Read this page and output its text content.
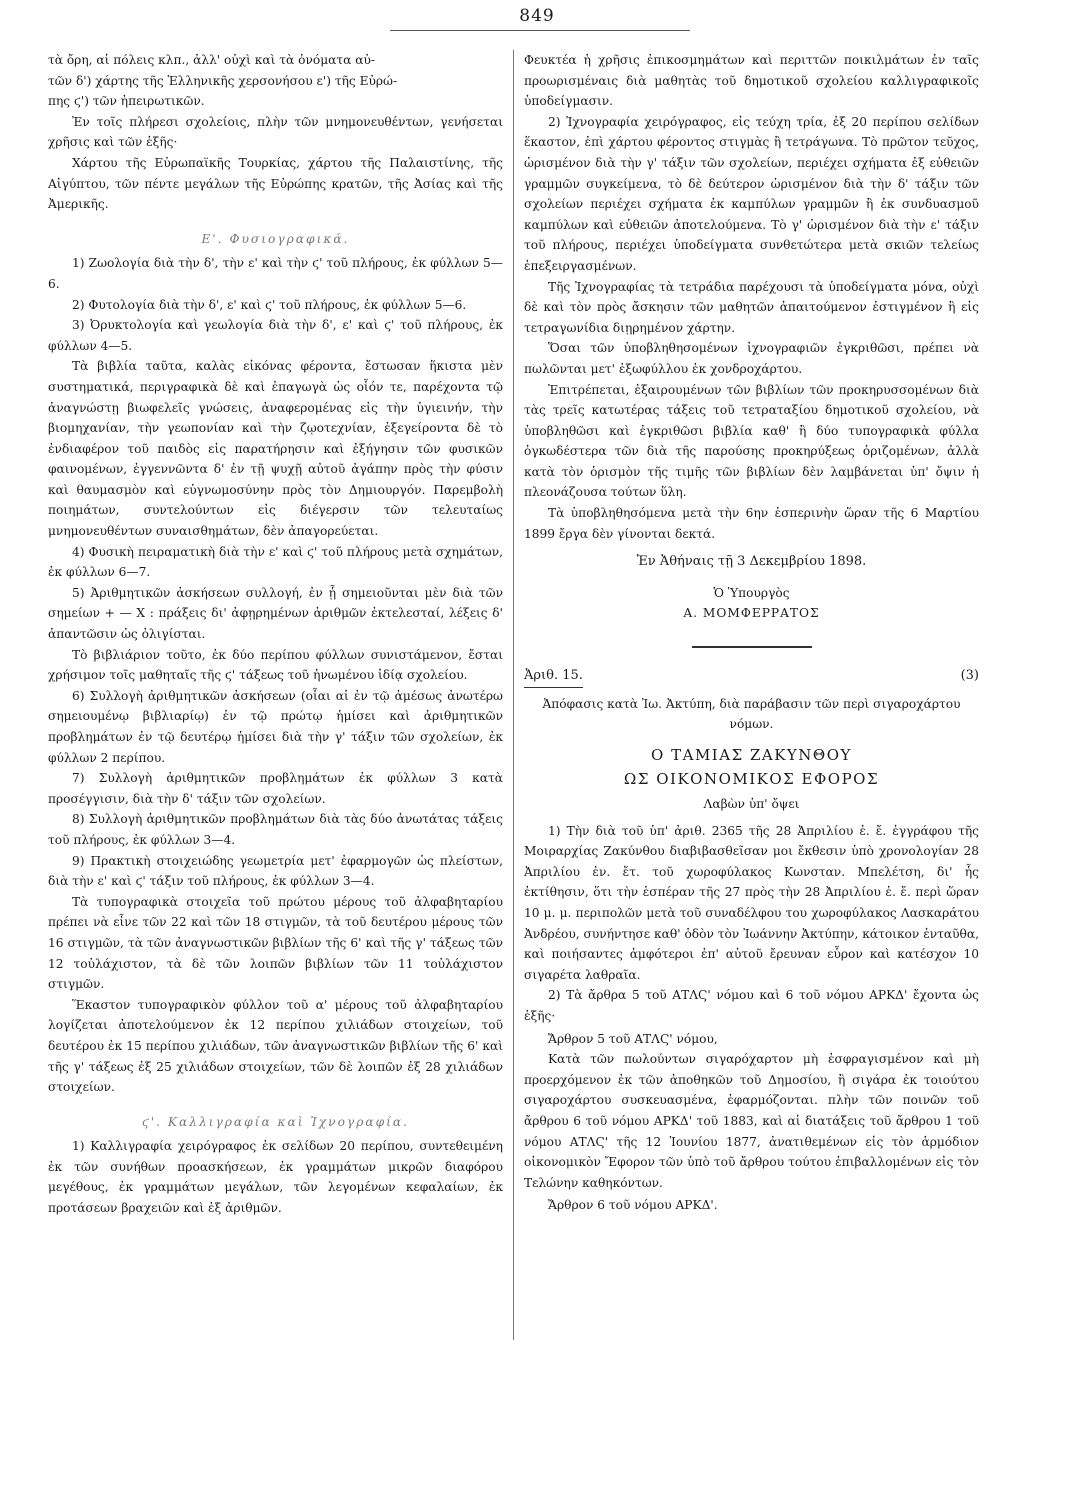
849

τὰ ὄρη, αἱ πόλεις κλπ., ἀλλ' οὐχὶ καὶ τὰ ὀνόματα αὐ-

τῶν δ') χάρτης τῆς Ἑλληνικῆς χερσονήσου ε') τῆς Εὐρώ-

πης ϛ') τῶν ἠπειρωτικῶν.

Ἐν τοῖς πλήρεσι σχολείοις, πλὴν τῶν μνημονευθέντων, γενήσεται χρῆσις καὶ τῶν ἑξῆς·

Χάρτου τῆς Εὐρωπαϊκῆς Τουρκίας, χάρτου τῆς Παλαιστίνης, τῆς Αἰγύπτου, τῶν πέντε μεγάλων τῆς Εὐρώπης κρατῶν, τῆς Ἀσίας καὶ τῆς Ἀμερικῆς.

Ε'. Φυσιογραφικά.

1) Ζωολογία διὰ τὴν δ', τὴν ε' καὶ τὴν ϛ' τοῦ πλήρους, ἐκ φύλλων 5—6.

2) Φυτολογία διὰ τὴν δ', ε' καὶ ϛ' τοῦ πλήρους, ἐκ φύλλων 5—6.

3) Ὀρυκτολογία καὶ γεωλογία διὰ τὴν δ', ε' καὶ ϛ' τοῦ πλήρους, ἐκ φύλλων 4—5.

Τὰ βιβλία ταῦτα, καλὰς εἰκόνας φέροντα, ἔστωσαν ἥκιστα μὲν συστηματικά, περιγραφικὰ δὲ καὶ ἐπαγωγὰ ὡς οἷόν τε, παρέχοντα τῷ ἀναγνώστῃ βιωφελεῖς γνώσεις, ἀναφερομένας εἰς τὴν ὑγιεινήν, τὴν βιομηχανίαν, τὴν γεωπονίαν καὶ τὴν ζῳοτεχνίαν, ἐξεγείροντα δὲ τὸ ἐνδιαφέρον τοῦ παιδὸς εἰς παρατήρησιν καὶ ἐξήγησιν τῶν φυσικῶν φαινομένων, ἐγγεννῶντα δ' ἐν τῇ ψυχῇ αὐτοῦ ἀγάπην πρὸς τὴν φύσιν καὶ θαυμασμὸν καὶ εὐγνωμοσύνην πρὸς τὸν Δημιουργόν. Παρεμβολὴ ποιημάτων, συντελούντων εἰς διέγερσιν τῶν τελευταίως μνημονευθέντων συναισθημάτων, δὲν ἀπαγορεύεται.

4) Φυσικὴ πειραματικὴ διὰ τὴν ε' καὶ ϛ' τοῦ πλήρους μετὰ σχημάτων, ἐκ φύλλων 6—7.

5) Ἀριθμητικῶν ἀσκήσεων συλλογή, ἐν ᾗ σημειοῦνται μὲν διὰ τῶν σημείων + — Χ : πράξεις δι' ἀφῃρημένων ἀριθμῶν ἐκτελεσταί, λέξεις δ' ἀπαντῶσιν ὡς ὀλιγίσται.

Τὸ βιβλιάριον τοῦτο, ἐκ δύο περίπου φύλλων συνιστάμενον, ἔσται χρήσιμον τοῖς μαθηταῖς τῆς ϛ' τάξεως τοῦ ἡνωμένου ἰδίᾳ σχολείου.

6) Συλλογὴ ἀριθμητικῶν ἀσκήσεων (οἷαι αἱ ἐν τῷ ἀμέσως ἀνωτέρω σημειουμένῳ βιβλιαρίῳ) ἐν τῷ πρώτῳ ἡμίσει καὶ ἀριθμητικῶν προβλημάτων ἐν τῷ δευτέρῳ ἡμίσει διὰ τὴν γ' τάξιν τῶν σχολείων, ἐκ φύλλων 2 περίπου.

7) Συλλογὴ ἀριθμητικῶν προβλημάτων ἐκ φύλλων 3 κατὰ προσέγγισιν, διὰ τὴν δ' τάξιν τῶν σχολείων.

8) Συλλογὴ ἀριθμητικῶν προβλημάτων διὰ τὰς δύο ἀνωτάτας τάξεις τοῦ πλήρους, ἐκ φύλλων 3—4.

9) Πρακτικὴ στοιχειώδης γεωμετρία μετ' ἐφαρμογῶν ὡς πλείστων, διὰ τὴν ε' καὶ ϛ' τάξιν τοῦ πλήρους, ἐκ φύλλων 3—4.

Τὰ τυπογραφικὰ στοιχεῖα τοῦ πρώτου μέρους τοῦ ἀλφαβηταρίου πρέπει νὰ εἶνε τῶν 22 καὶ τῶν 18 στιγμῶν, τὰ τοῦ δευτέρου μέρους τῶν 16 στιγμῶν, τὰ τῶν ἀναγνωστικῶν βιβλίων τῆς 6' καὶ τῆς γ' τάξεως τῶν 12 τοὐλάχιστον, τὰ δὲ τῶν λοιπῶν βιβλίων τῶν 11 τοὐλάχιστον στιγμῶν.

Ἕκαστον τυπογραφικὸν φύλλον τοῦ α' μέρους τοῦ ἀλφαβηταρίου λογίζεται ἀποτελούμενον ἐκ 12 περίπου χιλιάδων στοιχείων, τοῦ δευτέρου ἐκ 15 περίπου χιλιάδων, τῶν ἀναγνωστικῶν βιβλίων τῆς 6' καὶ τῆς γ' τάξεως ἐξ 25 χιλιάδων στοιχείων, τῶν δὲ λοιπῶν ἐξ 28 χιλιάδων στοιχείων.

ϛ'. Καλλιγραφία καὶ Ἰχνογραφία.

1) Καλλιγραφία χειρόγραφος ἐκ σελίδων 20 περίπου, συντεθειμένη ἐκ τῶν συνήθων προασκήσεων, ἐκ γραμμάτων μικρῶν διαφόρου μεγέθους, ἐκ γραμμάτων μεγάλων, τῶν λεγομένων κεφαλαίων, ἐκ προτάσεων βραχειῶν καὶ ἐξ ἀριθμῶν.

Φευκτέα ἡ χρῆσις ἐπικοσμημάτων καὶ περιττῶν ποικιλμάτων ἐν ταῖς προωρισμέναις διὰ μαθητὰς τοῦ δημοτικοῦ σχολείου καλλιγραφικοῖς ὑποδείγμασιν.

2) Ἰχνογραφία χειρόγραφος, εἰς τεύχη τρία, ἐξ 20 περίπου σελίδων ἕκαστον, ἐπὶ χάρτου φέροντος στιγμὰς ἢ τετράγωνα. Τὸ πρῶτον τεῦχος, ὡρισμένον διὰ τὴν γ' τάξιν τῶν σχολείων, περιέχει σχήματα ἐξ εὐθειῶν γραμμῶν συγκείμενα, τὸ δὲ δεύτερον ὡρισμένον διὰ τὴν δ' τάξιν τῶν σχολείων περιέχει σχήματα ἐκ καμπύλων γραμμῶν ἢ ἐκ συνδυασμοῦ καμπύλων καὶ εὐθειῶν ἀποτελούμενα. Τὸ γ' ὡρισμένον διὰ τὴν ε' τάξιν τοῦ πλήρους, περιέχει ὑποδείγματα συνθετώτερα μετὰ σκιῶν τελείως ἐπεξειργασμένων.

Τῆς Ἰχνογραφίας τὰ τετράδια παρέχουσι τὰ ὑποδείγματα μόνα, οὐχὶ δὲ καὶ τὸν πρὸς ἄσκησιν τῶν μαθητῶν ἀπαιτούμενον ἐστιγμένον ἢ εἰς τετραγωνίδια διῃρημένον χάρτην.

Ὅσαι τῶν ὑποβληθησομένων ἰχνογραφιῶν ἐγκριθῶσι, πρέπει νὰ πωλῶνται μετ' ἐξωφύλλου ἐκ χονδροχάρτου.

Ἐπιτρέπεται, ἐξαιρουμένων τῶν βιβλίων τῶν προκηρυσσομένων διὰ τὰς τρεῖς κατωτέρας τάξεις τοῦ τετραταξίου δημοτικοῦ σχολείου, νὰ ὑποβληθῶσι καὶ ἐγκριθῶσι βιβλία καθ' ἢ δύο τυπογραφικὰ φύλλα ὀγκωδέστερα τῶν διὰ τῆς παρούσης προκηρύξεως ὁριζομένων, ἀλλὰ κατὰ τὸν ὁρισμὸν τῆς τιμῆς τῶν βιβλίων δὲν λαμβάνεται ὑπ' ὄψιν ἡ πλεονάζουσα τούτων ὕλη.

Τὰ ὑποβληθησόμενα μετὰ τὴν 6ην ἑσπερινὴν ὥραν τῆς 6 Μαρτίου 1899 ἔργα δὲν γίνονται δεκτά.

Ἐν Ἀθήναις τῇ 3 Δεκεμβρίου 1898.
Ὁ Ὑπουργὸς
Α. ΜΟΜΦΕΡΡΑΤΟΣ
Ἀριθ. 15.	(3)

Ἀπόφασις κατὰ Ἰω. Ἀκτύπη, διὰ παράβασιν τῶν περὶ σιγαροχάρτου νόμων.

Ο ΤΑΜΙΑΣ ΖΑΚΥΝΘΟΥ
ΩΣ ΟΙΚΟΝΟΜΙΚΟΣ ΕΦΟΡΟΣ
Λαβὼν ὑπ' ὄψει

1) Τὴν διὰ τοῦ ὑπ' ἀριθ. 2365 τῆς 28 Ἀπριλίου ἐ. ἔ. ἐγγράφου τῆς Μοιραρχίας Ζακύνθου διαβιβασθεῖσαν μοι ἔκθεσιν ὑπὸ χρονολογίαν 28 Ἀπριλίου ἐν. ἔτ. τοῦ χωροφύλακος Κωνσταν. Μπελέτση, δι' ἧς ἐκτίθησιν, ὅτι τὴν ἑσπέραν τῆς 27 πρὸς τὴν 28 Ἀπριλίου ἐ. ἔ. περὶ ὥραν 10 μ. μ. περιπολῶν μετὰ τοῦ συναδέλφου του χωροφύλακος Λασκαράτου Ἀνδρέου, συνήντησε καθ' ὁδὸν τὸν Ἰωάννην Ἀκτύπην, κάτοικον ἐνταῦθα, καὶ ποιήσαντες ἀμφότεροι ἐπ' αὐτοῦ ἔρευναν εὗρον καὶ κατέσχον 10 σιγαρέτα λαθραῖα.

2) Τὰ ἄρθρα 5 τοῦ ΑΤΛϚ' νόμου καὶ 6 τοῦ νόμου ΑΡΚΔ' ἔχοντα ὡς ἑξῆς·

Ἄρθρον 5 τοῦ ΑΤΛϚ' νόμου,

Κατὰ τῶν πωλούντων σιγαρόχαρτον μὴ ἐσφραγισμένον καὶ μὴ προερχόμενον ἐκ τῶν ἀποθηκῶν τοῦ Δημοσίου, ἢ σιγάρα ἐκ τοιούτου σιγαροχάρτου συσκευασμένα, ἐφαρμόζονται. πλὴν τῶν ποινῶν τοῦ ἄρθρου 6 τοῦ νόμου ΑΡΚΔ' τοῦ 1883, καὶ αἱ διατάξεις τοῦ ἄρθρου 1 τοῦ νόμου ΑΤΛϚ' τῆς 12 Ἰουνίου 1877, ἀνατιθεμένων εἰς τὸν ἁρμόδιον οἰκονομικὸν Ἔφορον τῶν ὑπὸ τοῦ ἄρθρου τούτου ἐπιβαλλομένων εἰς τὸν Τελώνην καθηκόντων.

Ἄρθρον 6 τοῦ νόμου ΑΡΚΔ'.
